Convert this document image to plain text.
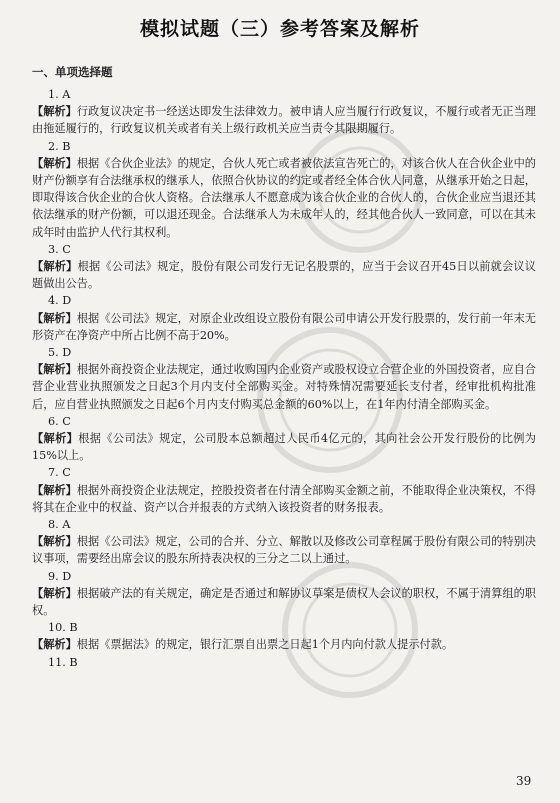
模拟试题（三）参考答案及解析
一、单项选择题
1. A

【解析】行政复议决定书一经送达即发生法律效力。被申请人应当履行行政复议，不履行或者无正当理由拖延履行的，行政复议机关或者有关上级行政机关应当责令其限期履行。

2. B

【解析】根据《合伙企业法》的规定，合伙人死亡或者被依法宣告死亡的，对该合伙人在合伙企业中的财产份额享有合法继承权的继承人，依照合伙协议的约定或者经全体合伙人同意，从继承开始之日起，即取得该合伙企业的合伙人资格。合法继承人不愿意成为该合伙企业的合伙人的，合伙企业应当退还其依法继承的财产份额，可以退还现金。合法继承人为未成年人的，经其他合伙人一致同意，可以在其未成年时由监护人代行其权利。

3. C

【解析】根据《公司法》规定，股份有限公司发行无记名股票的，应当于会议召开45日以前就会议议题做出公告。

4. D

【解析】根据《公司法》规定，对原企业改组设立股份有限公司申请公开发行股票的，发行前一年末无形资产在净资产中所占比例不高于20%。

5. D

【解析】根据外商投资企业法规定，通过收购国内企业资产或股权设立合营企业的外国投资者，应自合营企业营业执照颁发之日起3个月内支付全部购买金。对特殊情况需要延长支付者，经审批机构批准后，应自营业执照颁发之日起6个月内支付购买总金额的60%以上，在1年内付清全部购买金。

6. C

【解析】根据《公司法》规定，公司股本总额超过人民币4亿元的，其向社会公开发行股份的比例为15%以上。

7. C

【解析】根据外商投资企业法规定，控股投资者在付清全部购买金额之前，不能取得企业决策权，不得将其在企业中的权益、资产以合并报表的方式纳入该投资者的财务报表。

8. A

【解析】根据《公司法》规定，公司的合并、分立、解散以及修改公司章程属于股份有限公司的特别决议事项，需要经出席会议的股东所持表决权的三分之二以上通过。

9. D

【解析】根据破产法的有关规定，确定是否通过和解协议草案是债权人会议的职权，不属于清算组的职权。

10. B

【解析】根据《票据法》的规定，银行汇票自出票之日起1个月内向付款人提示付款。

11. B
39
